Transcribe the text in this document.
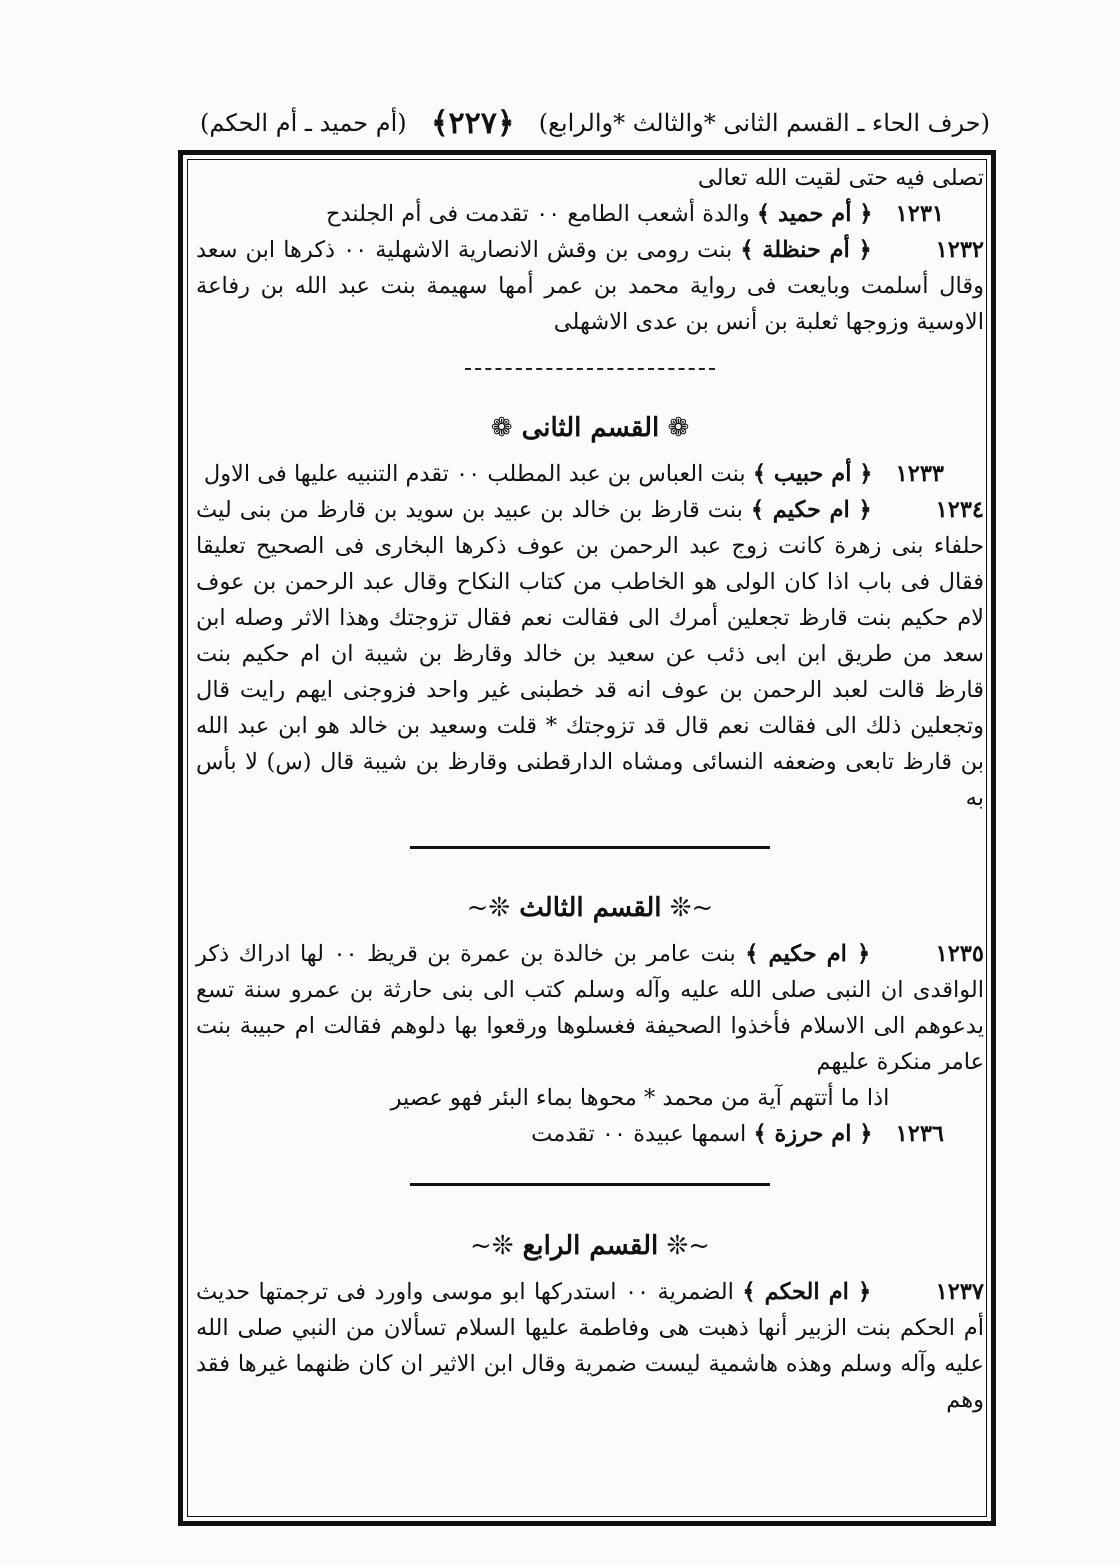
(حرف الحاء ـ القسم الثانى *والثالث *والرابع)
﴿٢٢٧﴾
(أم حميد ـ أم الحكم)

تصلى فيه حتى لقيت الله تعالى

١٢٣١ ﴿ أم حميد ﴾ والدة أشعب الطامع ٠٠ تقدمت فى أم الجلندح

١٢٣٢ ﴿ أم حنظلة ﴾ بنت رومى بن وقش الانصارية الاشهلية ٠٠ ذكرها ابن سعد وقال أسلمت وبايعت فى رواية محمد بن عمر أمها سهيمة بنت عبد الله بن رفاعة الاوسية وزوجها ثعلبة بن أنس بن عدى الاشهلى

❁ القسم الثانى ❁

١٢٣٣ ﴿ أم حبيب ﴾ بنت العباس بن عبد المطلب ٠٠ تقدم التنبيه عليها فى الاول

١٢٣٤ ﴿ ام حكيم ﴾ بنت قارظ بن خالد بن عبيد بن سويد بن قارظ من بنى ليث حلفاء بنى زهرة كانت زوج عبد الرحمن بن عوف ذكرها البخارى فى الصحيح تعليقا فقال فى باب اذا كان الولى هو الخاطب من كتاب النكاح وقال عبد الرحمن بن عوف لام حكيم بنت قارظ تجعلين أمرك الى فقالت نعم فقال تزوجتك وهذا الاثر وصله ابن سعد من طريق ابن ابى ذئب عن سعيد بن خالد وقارظ بن شيبة ان ام حكيم بنت قارظ قالت لعبد الرحمن بن عوف انه قد خطبنى غير واحد فزوجنى ايهم رايت قال وتجعلين ذلك الى فقالت نعم قال قد تزوجتك * قلت وسعيد بن خالد هو ابن عبد الله بن قارظ تابعى وضعفه النسائى ومشاه الدارقطنى وقارظ بن شيبة قال (س) لا بأس به

~❊ القسم الثالث ❊~

١٢٣٥ ﴿ ام حكيم ﴾ بنت عامر بن خالدة بن عمرة بن قريظ ٠٠ لها ادراك ذكر الواقدى ان النبى صلى الله عليه وآله وسلم كتب الى بنى حارثة بن عمرو سنة تسع يدعوهم الى الاسلام فأخذوا الصحيفة فغسلوها ورقعوا بها دلوهم فقالت ام حبيبة بنت عامر منكرة عليهم

اذا ما أتتهم آية من محمد * محوها بماء البئر فهو عصير

١٢٣٦ ﴿ ام حرزة ﴾ اسمها عبيدة ٠٠ تقدمت

~❊ القسم الرابع ❊~

١٢٣٧ ﴿ ام الحكم ﴾ الضمرية ٠٠ استدركها ابو موسى واورد فى ترجمتها حديث أم الحكم بنت الزبير أنها ذهبت هى وفاطمة عليها السلام تسألان من النبي صلى الله عليه وآله وسلم وهذه هاشمية ليست ضمرية وقال ابن الاثير ان كان ظنهما غيرها فقد وهم
